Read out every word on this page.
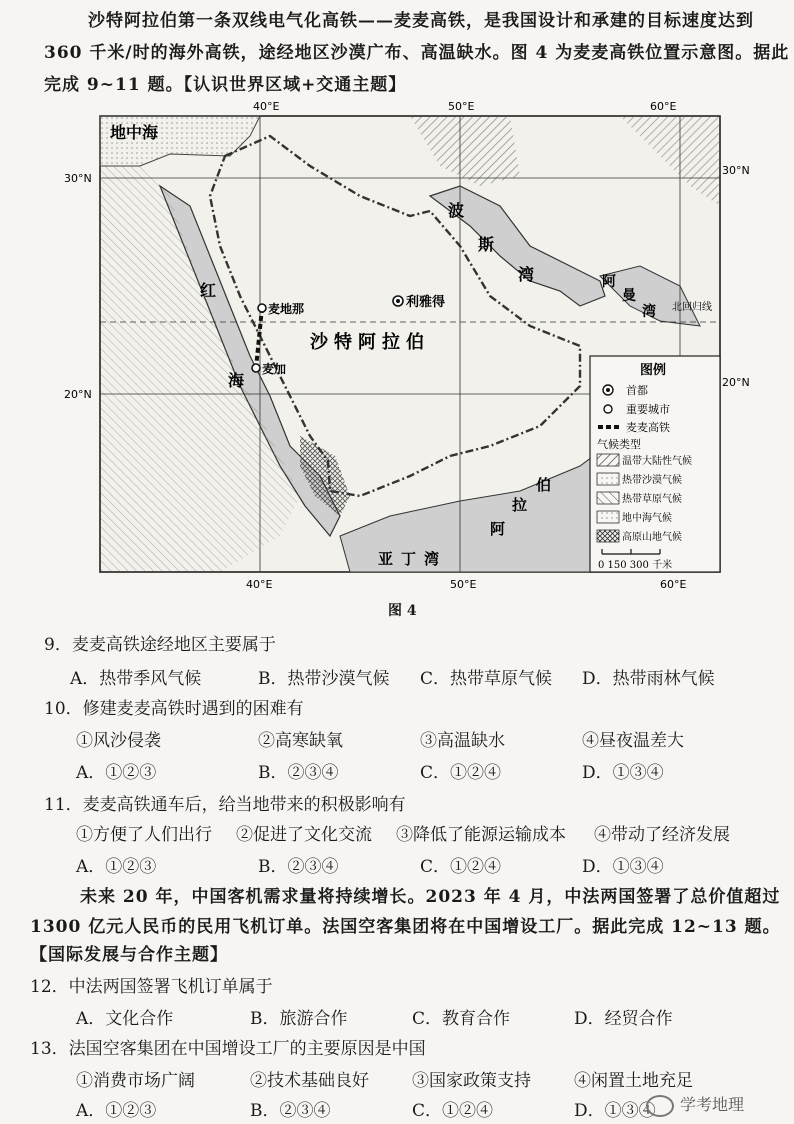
沙特阿拉伯第一条双线电气化高铁——麦麦高铁，是我国设计和承建的目标速度达到
360 千米/时的海外高铁，途经地区沙漠广布、高温缺水。图 4 为麦麦高铁位置示意图。据此
完成 9~11 题。【认识世界区域+交通主题】
40°E	50°E	60°E
40°E	50°E	60°E
30°N
20°N
30°N
20°N
地中海
红
海
波
斯
湾	阿
曼
湾 北回归线
沙特阿拉伯
利雅得
麦地那
麦加
亚丁湾
阿
拉
伯
图例
首都
重要城市
麦麦高铁
气候类型
温带大陆性气候
热带沙漠气候
热带草原气候
地中海气候
高原山地气候
0 150 300 千米
图 4
9．麦麦高铁途经地区主要属于
A．热带季风气候	B．热带沙漠气候 C．热带草原气候 D．热带雨林气候
10．修建麦麦高铁时遇到的困难有
①风沙侵袭	②高寒缺氧	③高温缺水	④昼夜温差大
A．①②③	B．②③④	C．①②④	D．①③④
11．麦麦高铁通车后，给当地带来的积极影响有
①方便了人们出行 ②促进了文化交流 ③降低了能源运输成本 ④带动了经济发展
A．①②③	B．②③④	C．①②④	D．①③④
未来 20 年，中国客机需求量将持续增长。2023 年 4 月，中法两国签署了总价值超过
1300 亿元人民币的民用飞机订单。法国空客集团将在中国增设工厂。据此完成 12~13 题。
【国际发展与合作主题】
12．中法两国签署飞机订单属于
A．文化合作	B．旅游合作	C．教育合作	D．经贸合作
13．法国空客集团在中国增设工厂的主要原因是中国
①消费市场广阔	②技术基础良好	③国家政策支持	④闲置土地充足
A．①②③	B．②③④	C．①②④	D．①③④	学考地理
